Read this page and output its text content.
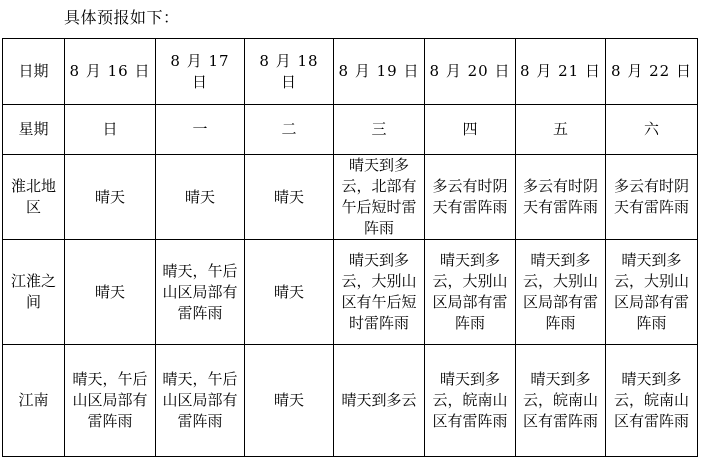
具体预报如下：
日期	8 月 16 日	8 月 17 日	8 月 18 日	8 月 19 日	8 月 20 日	8 月 21 日	8 月 22 日
星期	日	一	二	三	四	五	六
淮北地区	晴天	晴天	晴天	晴天到多云，北部有午后短时雷阵雨	多云有时阴天有雷阵雨	多云有时阴天有雷阵雨	多云有时阴天有雷阵雨
江淮之间	晴天	晴天，午后山区局部有雷阵雨	晴天	晴天到多云，大别山区有午后短时雷阵雨	晴天到多云，大别山区局部有雷阵雨	晴天到多云，大别山区局部有雷阵雨	晴天到多云，大别山区局部有雷阵雨
江南	晴天，午后山区局部有雷阵雨	晴天，午后山区局部有雷阵雨	晴天	晴天到多云	晴天到多云，皖南山区有雷阵雨	晴天到多云，皖南山区有雷阵雨	晴天到多云，皖南山区有雷阵雨
